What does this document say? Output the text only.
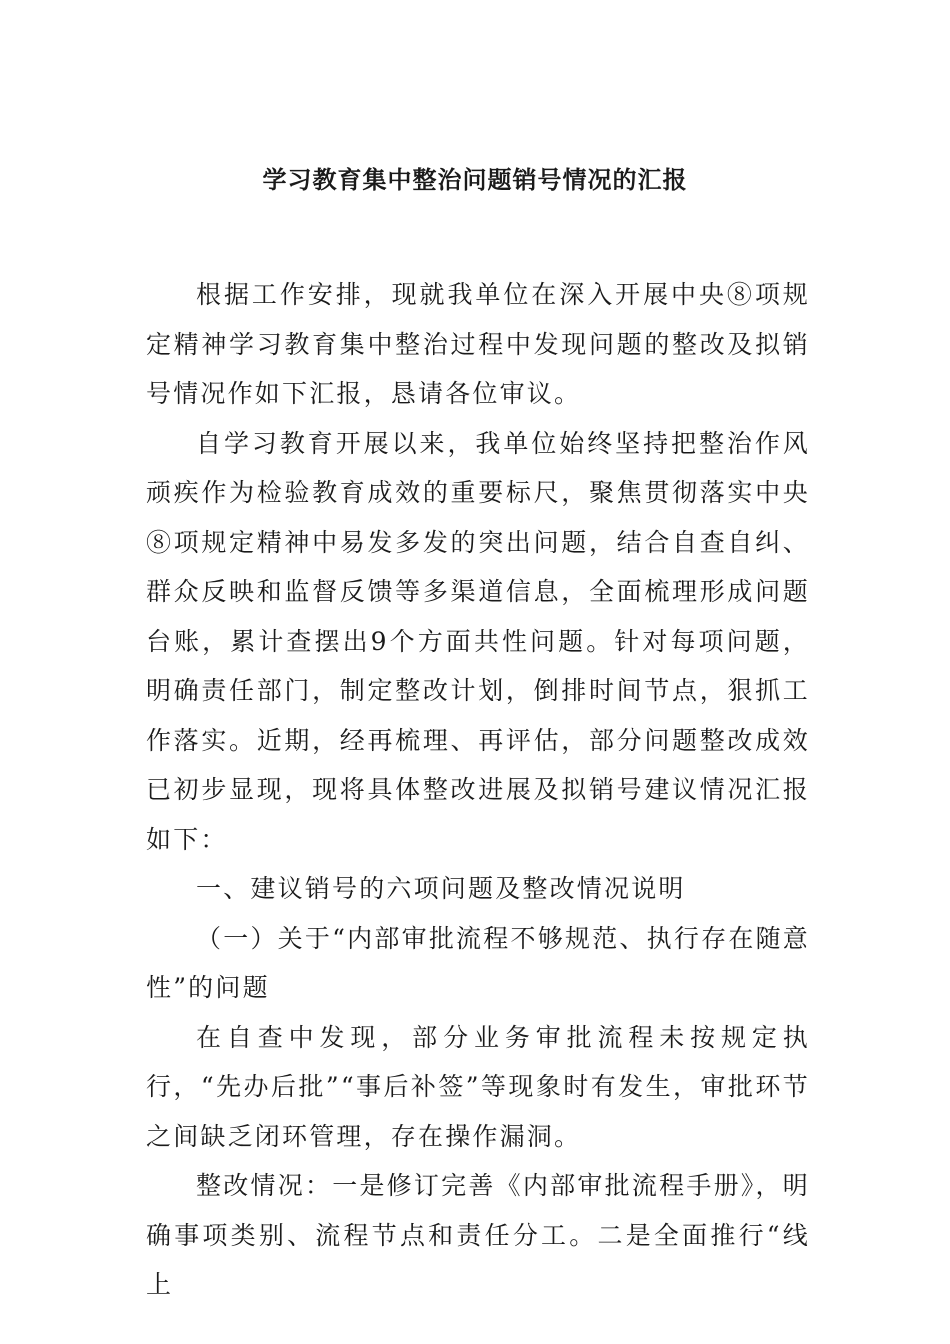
学习教育集中整治问题销号情况的汇报

根据工作安排，现就我单位在深入开展中央⑧项规定精神学习教育集中整治过程中发现问题的整改及拟销号情况作如下汇报，恳请各位审议。

自学习教育开展以来，我单位始终坚持把整治作风顽疾作为检验教育成效的重要标尺，聚焦贯彻落实中央⑧项规定精神中易发多发的突出问题，结合自查自纠、群众反映和监督反馈等多渠道信息，全面梳理形成问题台账，累计查摆出9个方面共性问题。针对每项问题，明确责任部门，制定整改计划，倒排时间节点，狠抓工作落实。近期，经再梳理、再评估，部分问题整改成效已初步显现，现将具体整改进展及拟销号建议情况汇报如下：

一、建议销号的六项问题及整改情况说明

（一）关于“内部审批流程不够规范、执行存在随意性”的问题

在自查中发现，部分业务审批流程未按规定执行，“先办后批”“事后补签”等现象时有发生，审批环节之间缺乏闭环管理，存在操作漏洞。

整改情况：一是修订完善《内部审批流程手册》，明确事项类别、流程节点和责任分工。二是全面推行“线上
